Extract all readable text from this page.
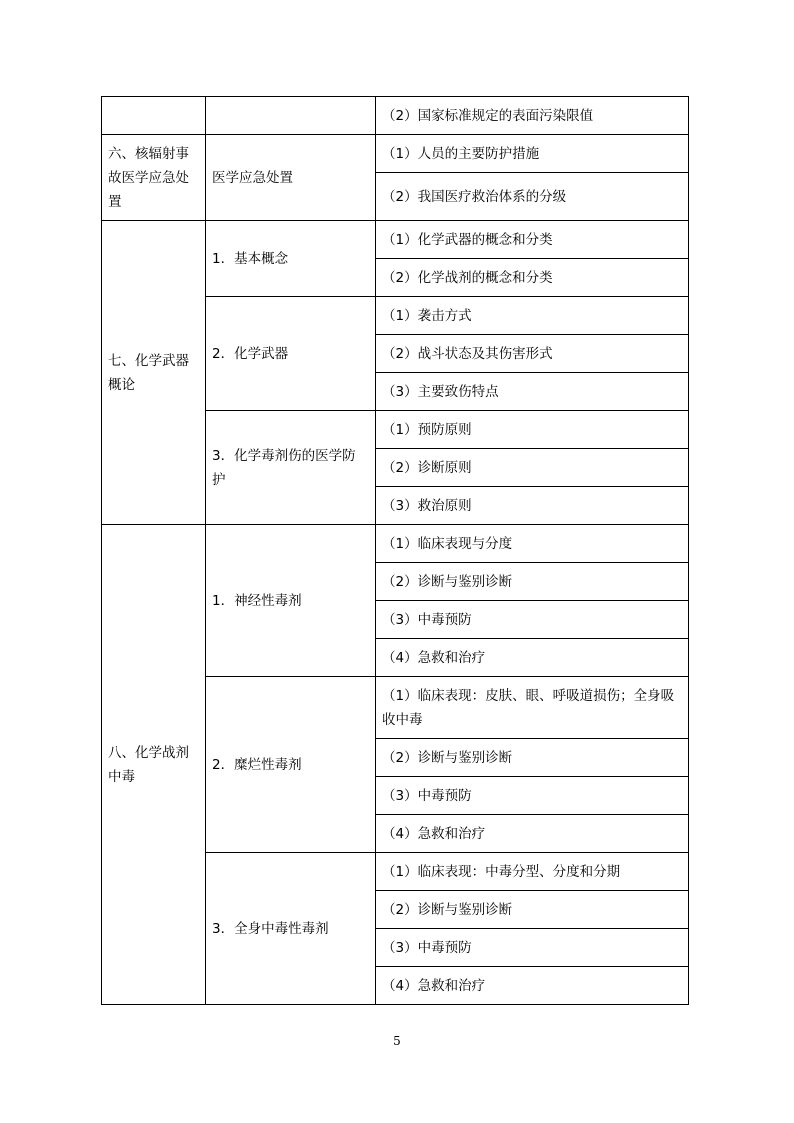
		（2）国家标准规定的表面污染限值
六、核辐射事故医学应急处置	医学应急处置	（1）人员的主要防护措施
		（2）我国医疗救治体系的分级
七、化学武器概论	1．基本概念	（1）化学武器的概念和分类
		（2）化学战剂的概念和分类
	2．化学武器	（1）袭击方式
		（2）战斗状态及其伤害形式
		（3）主要致伤特点
	3．化学毒剂伤的医学防护	（1）预防原则
		（2）诊断原则
		（3）救治原则
八、化学战剂中毒	1．神经性毒剂	（1）临床表现与分度
		（2）诊断与鉴别诊断
		（3）中毒预防
		（4）急救和治疗
	2．糜烂性毒剂	（1）临床表现：皮肤、眼、呼吸道损伤；全身吸收中毒
		（2）诊断与鉴别诊断
		（3）中毒预防
		（4）急救和治疗
	3．全身中毒性毒剂	（1）临床表现：中毒分型、分度和分期
		（2）诊断与鉴别诊断
		（3）中毒预防
		（4）急救和治疗
5
